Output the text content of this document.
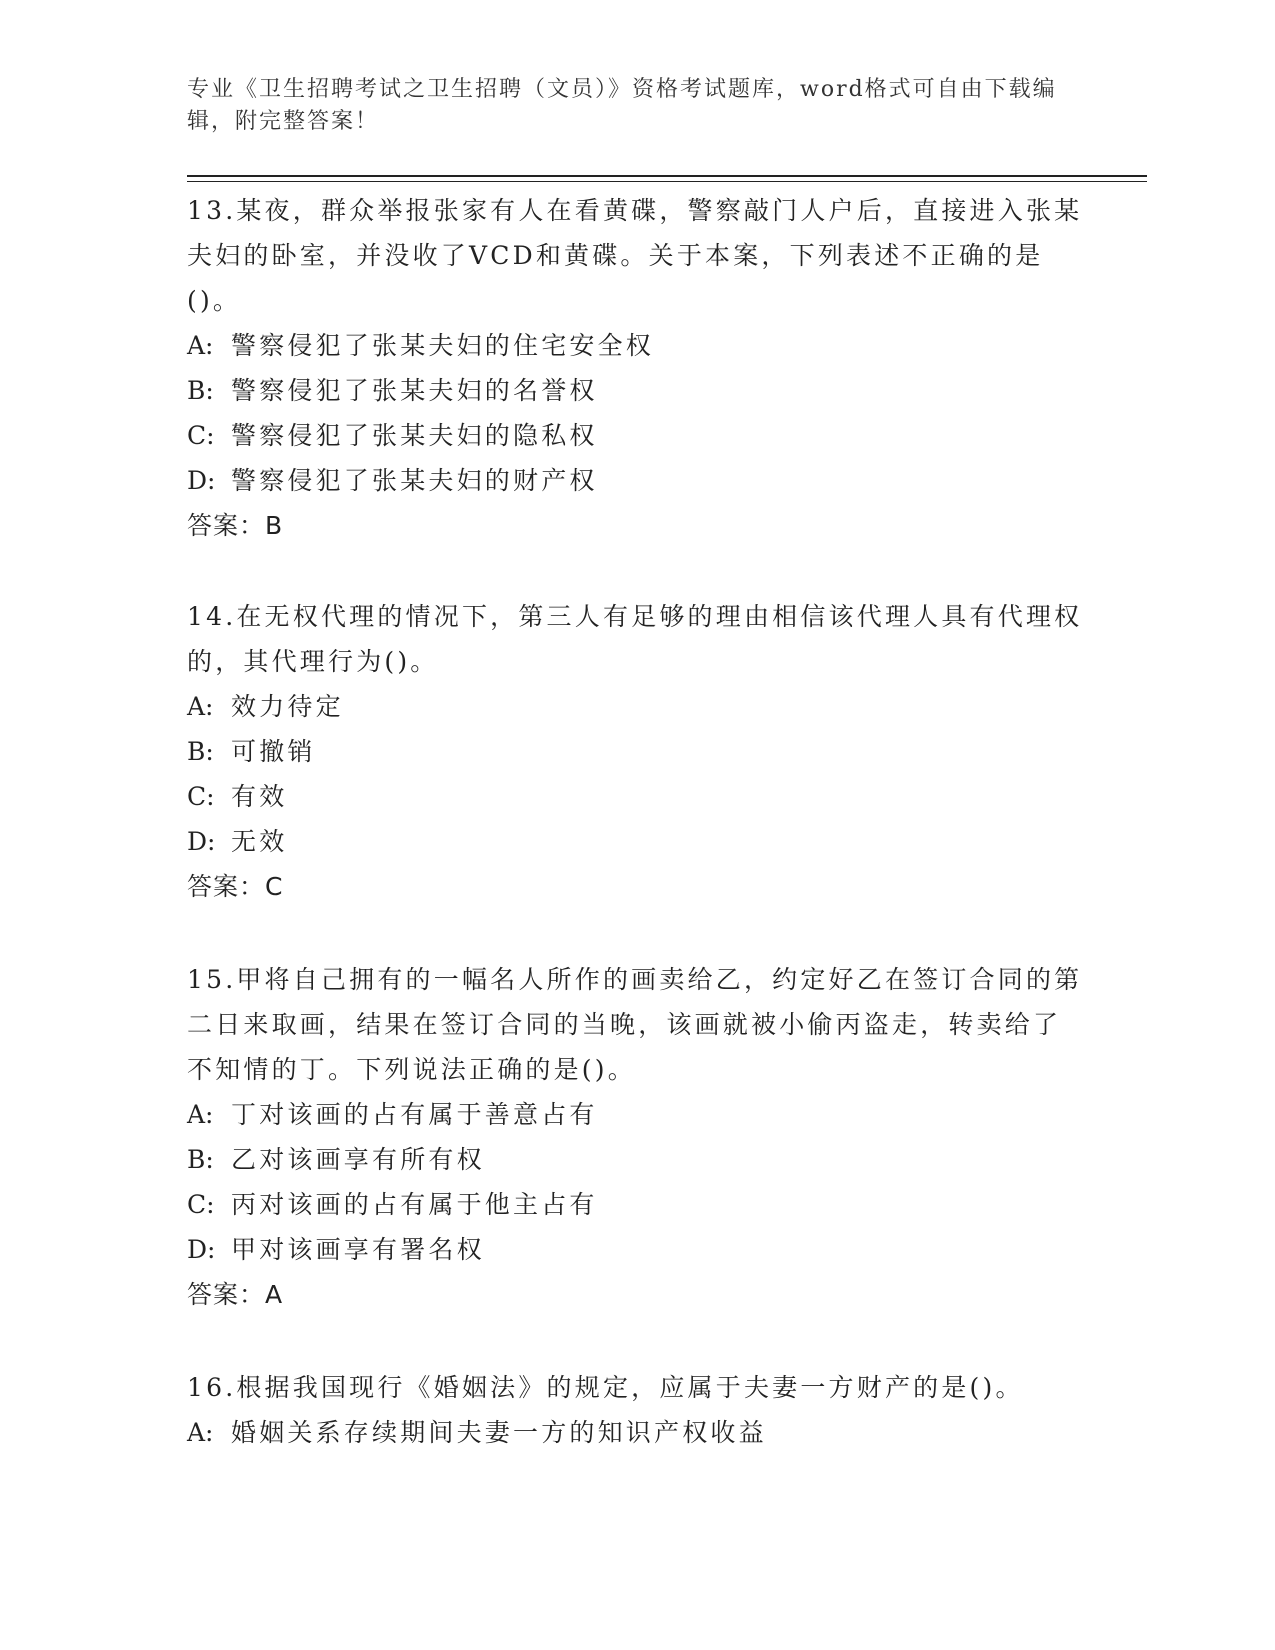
专业《卫生招聘考试之卫生招聘（文员）》资格考试题库，word格式可自由下载编辑，附完整答案！

13.某夜，群众举报张家有人在看黄碟，警察敲门人户后，直接进入张某夫妇的卧室，并没收了VCD和黄碟。关于本案，下列表述不正确的是()。

A: 警察侵犯了张某夫妇的住宅安全权

B: 警察侵犯了张某夫妇的名誉权

C: 警察侵犯了张某夫妇的隐私权

D: 警察侵犯了张某夫妇的财产权

答案：B

14.在无权代理的情况下，第三人有足够的理由相信该代理人具有代理权的，其代理行为()。

A: 效力待定

B: 可撤销

C: 有效

D: 无效

答案：C

15.甲将自己拥有的一幅名人所作的画卖给乙，约定好乙在签订合同的第二日来取画，结果在签订合同的当晚，该画就被小偷丙盗走，转卖给了不知情的丁。下列说法正确的是()。

A: 丁对该画的占有属于善意占有

B: 乙对该画享有所有权

C: 丙对该画的占有属于他主占有

D: 甲对该画享有署名权

答案：A

16.根据我国现行《婚姻法》的规定，应属于夫妻一方财产的是()。

A: 婚姻关系存续期间夫妻一方的知识产权收益
